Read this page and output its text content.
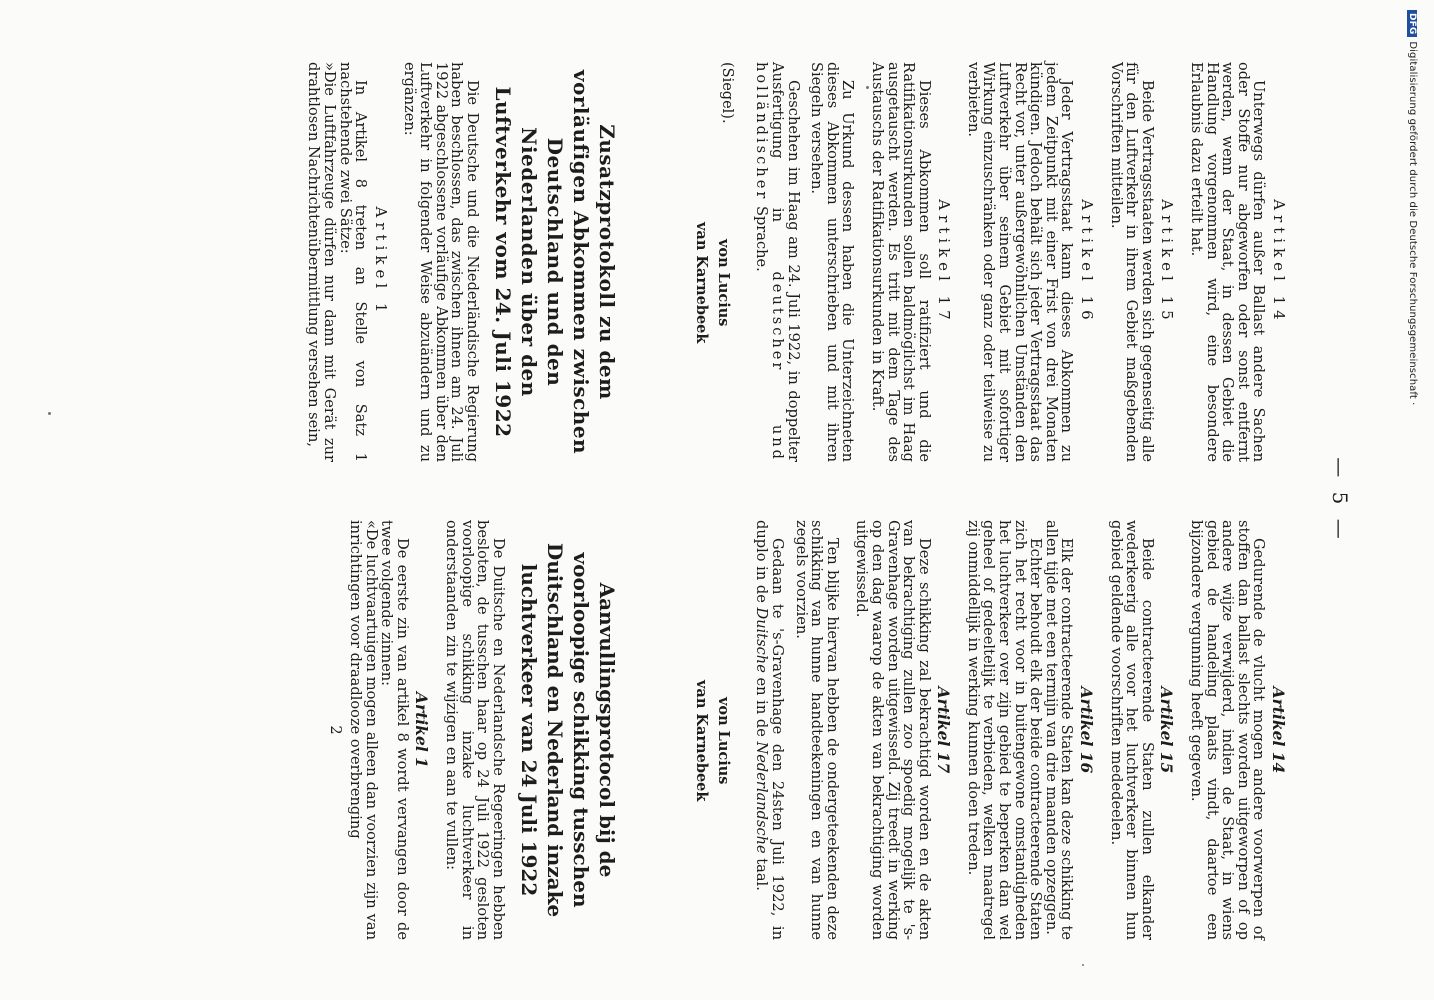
— 5 —
Artikel 14

Unterwegs dürfen außer Ballast andere Sachen oder Stoffe nur abgeworfen oder sonst entfernt werden, wenn der Staat, in dessen Gebiet die Handlung vorgenommen wird, eine besondere Erlaubnis dazu erteilt hat.

Artikel 15

Beide Vertragsstaaten werden sich gegenseitig alle für den Luftverkehr in ihrem Gebiet maßgebenden Vorschriften mitteilen.

Artikel 16

Jeder Vertragsstaat kann dieses Abkommen zu jedem Zeitpunkt mit einer Frist von drei Monaten kündigen. Jedoch behält sich jeder Vertragsstaat das Recht vor, unter außergewöhnlichen Umständen den Luftverkehr über seinem Gebiet mit sofortiger Wirkung einzuschränken oder ganz oder teilweise zu verbieten.

Artikel 17

Dieses Abkommen soll ratifiziert und die Ratifikationsurkunden sollen baldmöglichst im Haag ausgetauscht werden. Es tritt mit dem Tage des Austauschs der Ratifikationsurkunden in Kraft.

Zu Urkund dessen haben die Unterzeichneten dieses Abkommen unterschrieben und mit ihren Siegeln versehen.

Geschehen im Haag am 24. Juli 1922, in doppelter Ausfertigung in deutscher und holländischer Sprache.

(Siegel).
von Lucius
van Karnebeek
Zusatzprotokoll zu dem vorläufigen Abkommen zwischen Deutschland und den Niederlanden über den Luftverkehr vom 24. Juli 1922

Die Deutsche und die Niederländische Regierung haben beschlossen, das zwischen ihnen am 24. Juli 1922 abgeschlossene vorläufige Abkommen über den Luftverkehr in folgender Weise abzuändern und zu ergänzen:

Artikel 1

In Artikel 8 treten an Stelle von Satz 1 nachstehende zwei Sätze:

»Die Luftfahrzeuge dürfen nur dann mit Gerät zur drahtlosen Nachrichtenübermittlung versehen sein,

Artikel 14

Gedurende de vlucht mogen andere voorwerpen of stoffen dan ballast slechts worden uitgeworpen of op andere wijze verwijderd, indien de Staat, in wiens gebied de handeling plaats vindt, daartoe een bijzondere vergunning heeft gegeven.

Artikel 15

Beide contracteerende Staten zullen elkander wederkeerig alle voor het luchtverkeer binnen hun gebied geldende voorschriften mededeelen.

Artikel 16

Elk der contracteerende Staten kan deze schikking te allen tijde met een termijn van drie maanden opzeggen.

Echter behoudt elk der beide contracteerende Staten zich het recht voor in buitengewone omstandigheden het luchtverkeer over zijn gebied te beperken dan wel geheel of gedeeltelijk te verbieden, welken maatregel zij onmiddellijk in werking kunnen doen treden.

Artikel 17

Deze schikking zal bekrachtigd worden en de akten van bekrachtiging zullen zoo spoedig mogelijk te 's-Gravenhage worden uitgewisseld. Zij treedt in werking op den dag waarop de akten van bekrachtiging worden uitgewisseld.

Ten blijke hiervan hebben de ondergeteekenden deze schikking van hunne handteekeningen en van hunne zegels voorzien.

Gedaan te 's-Gravenhage den 24sten Juli 1922, in duplo in de Duitsche en in de Nederlandsche taal.

von Lucius
van Karnebeek
Aanvullingsprotocol bij de voorloopige schikking tusschen Duitschland en Nederland inzake luchtverkeer van 24 Juli 1922

De Duitsche en Nederlandsche Regeeringen hebben besloten, de tusschen haar op 24 Juli 1922 gesloten voorloopige schikking inzake luchtverkeer in onderstaanden zin te wijzigen en aan te vullen:

Artikel 1

De eerste zin van artikel 8 wordt vervangen door de twee volgende zinnen:

«De luchtvaartuigen mogen alleen dan voorzien zijn van inrichtingen voor draadlooze overbrenging

2
DFGDigitalisierung gefördert durch die Deutsche Forschungsgemeinschaft ·
